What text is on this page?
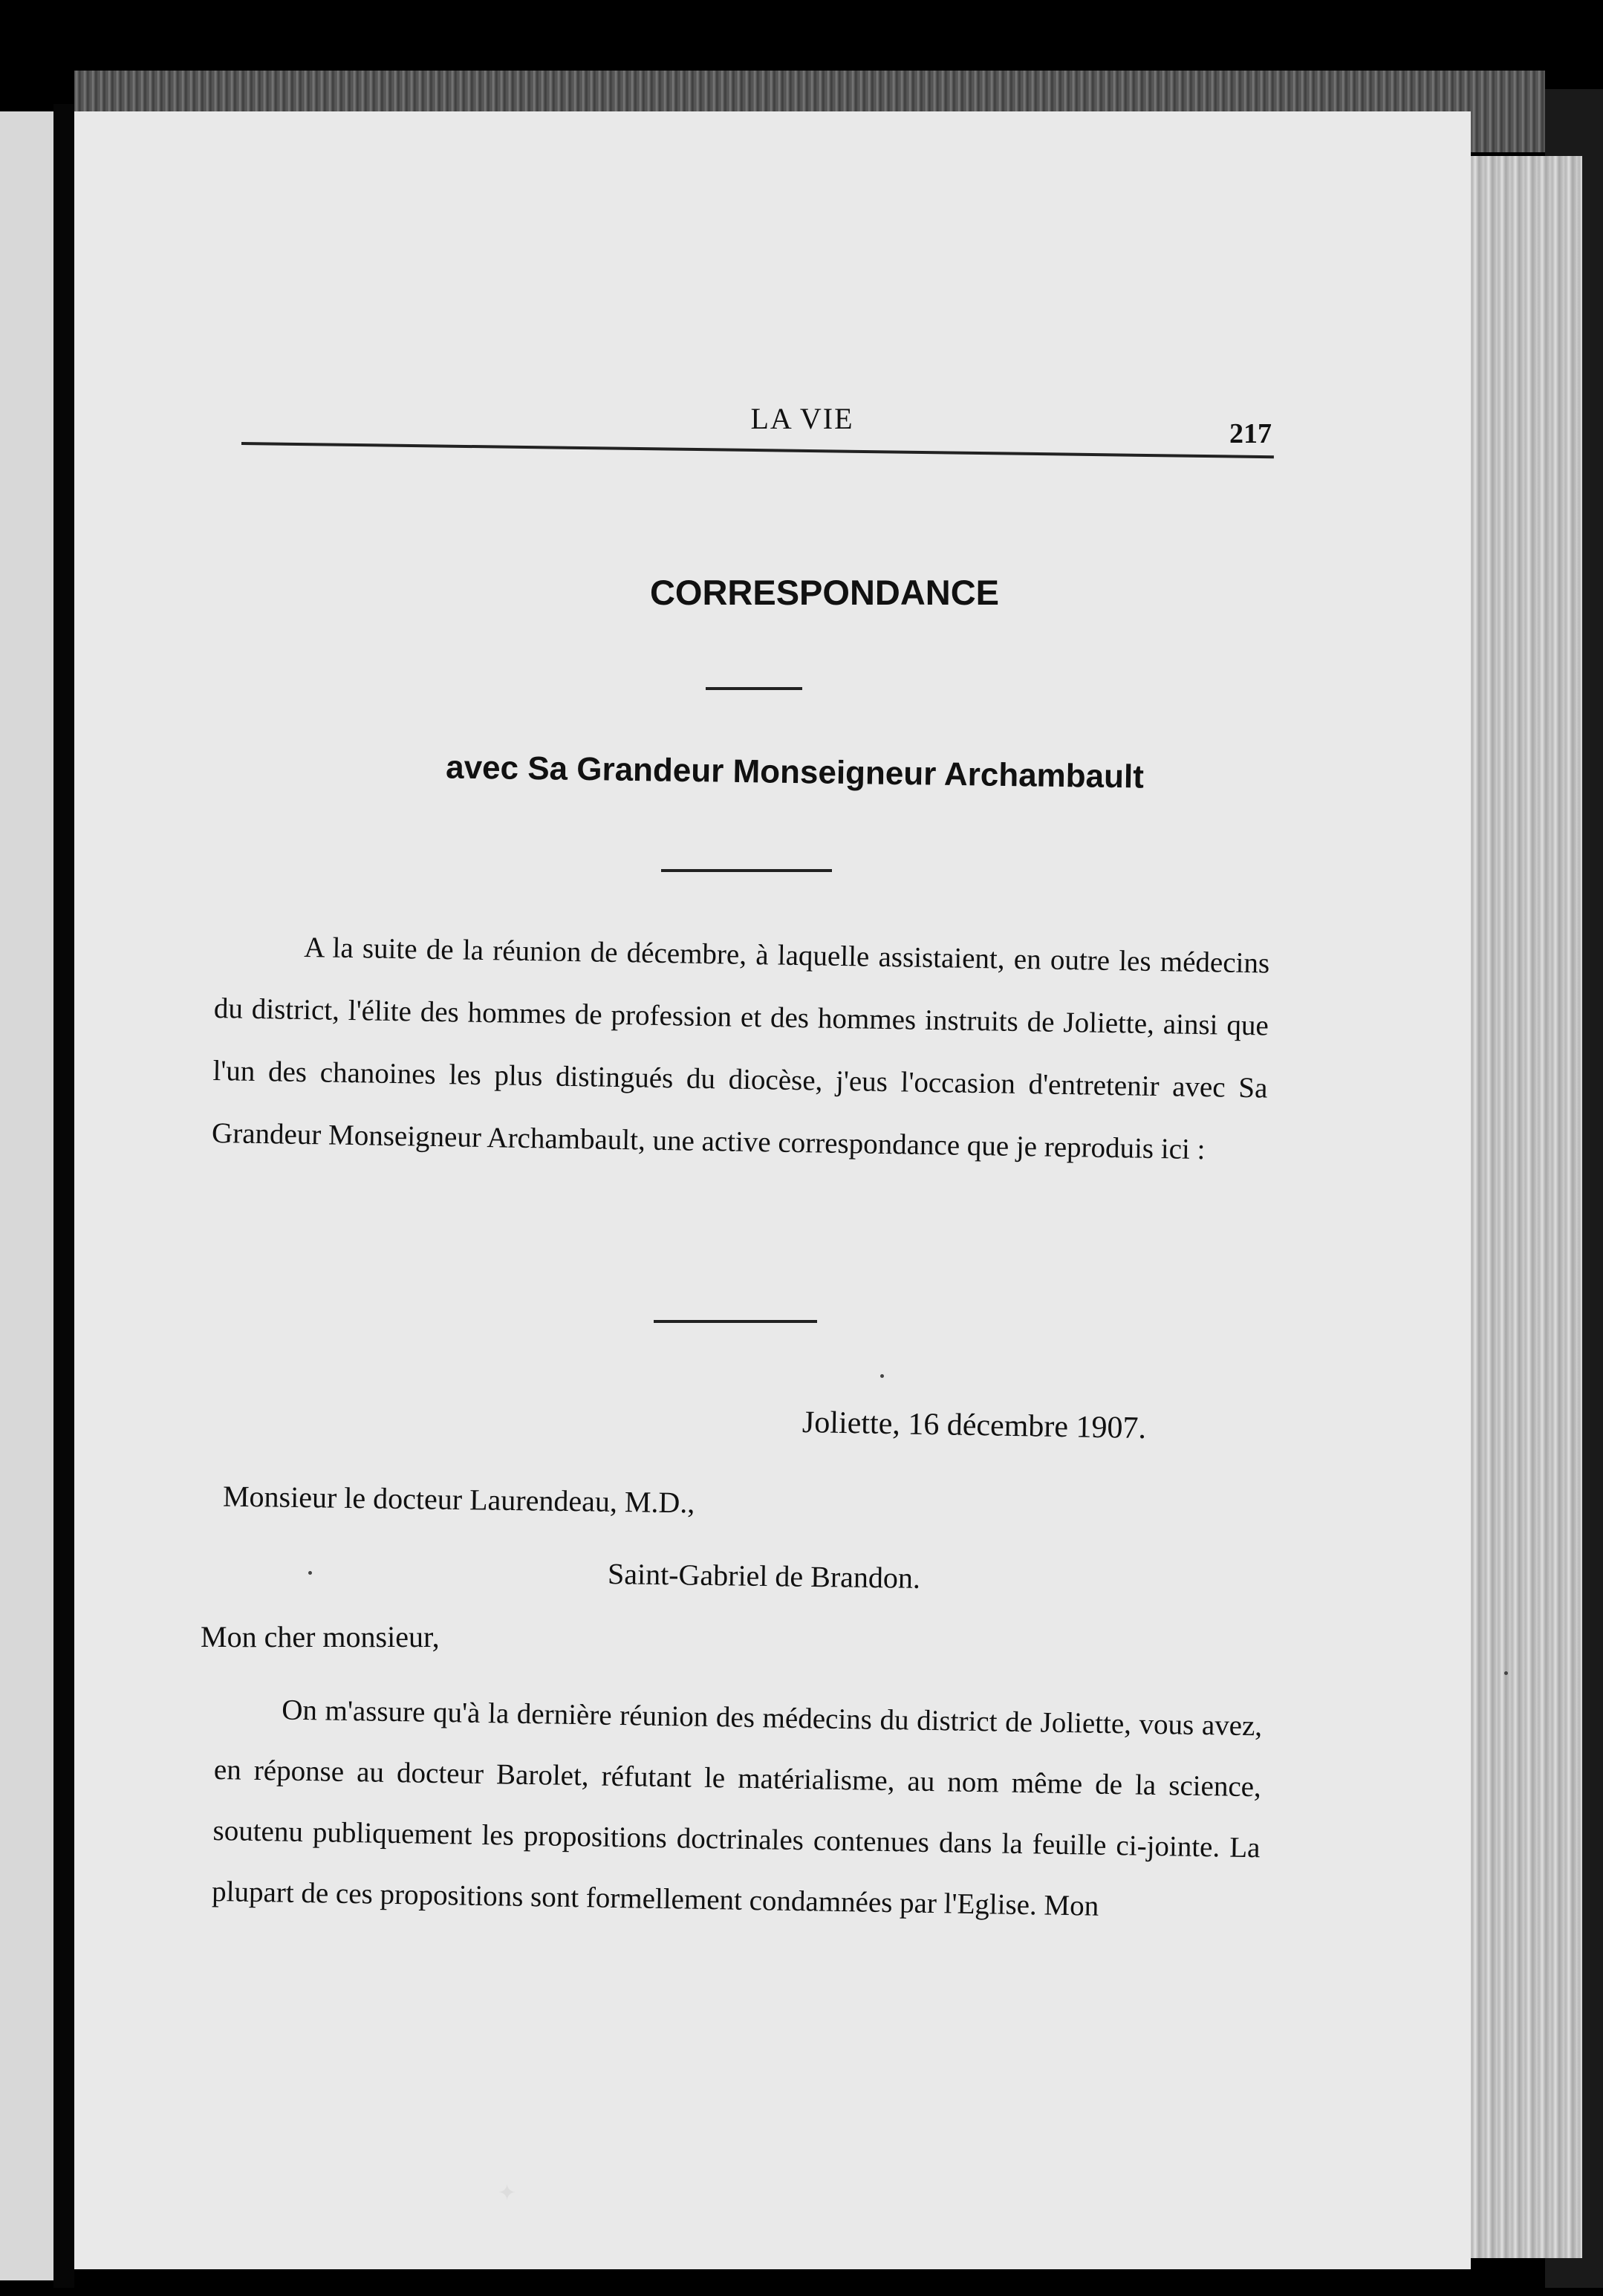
LA VIE	217
CORRESPONDANCE
avec Sa Grandeur Monseigneur Archambault
A la suite de la réunion de décembre, à laquelle assistaient, en outre les médecins du district, l'élite des hommes de profession et des hommes instruits de Joliette, ainsi que l'un des chanoines les plus distingués du diocèse, j'eus l'occasion d'entretenir avec Sa Grandeur Monseigneur Archambault, une active correspondance que je reproduis ici :
Joliette, 16 décembre 1907.
Monsieur le docteur Laurendeau, M.D.,
Saint-Gabriel de Brandon.
Mon cher monsieur,
On m'assure qu'à la dernière réunion des médecins du district de Joliette, vous avez, en réponse au docteur Barolet, réfutant le matérialisme, au nom même de la science, soutenu publiquement les propositions doctrinales contenues dans la feuille ci-jointe. La plupart de ces propositions sont formellement condamnées par l'Eglise. Mon
✦
